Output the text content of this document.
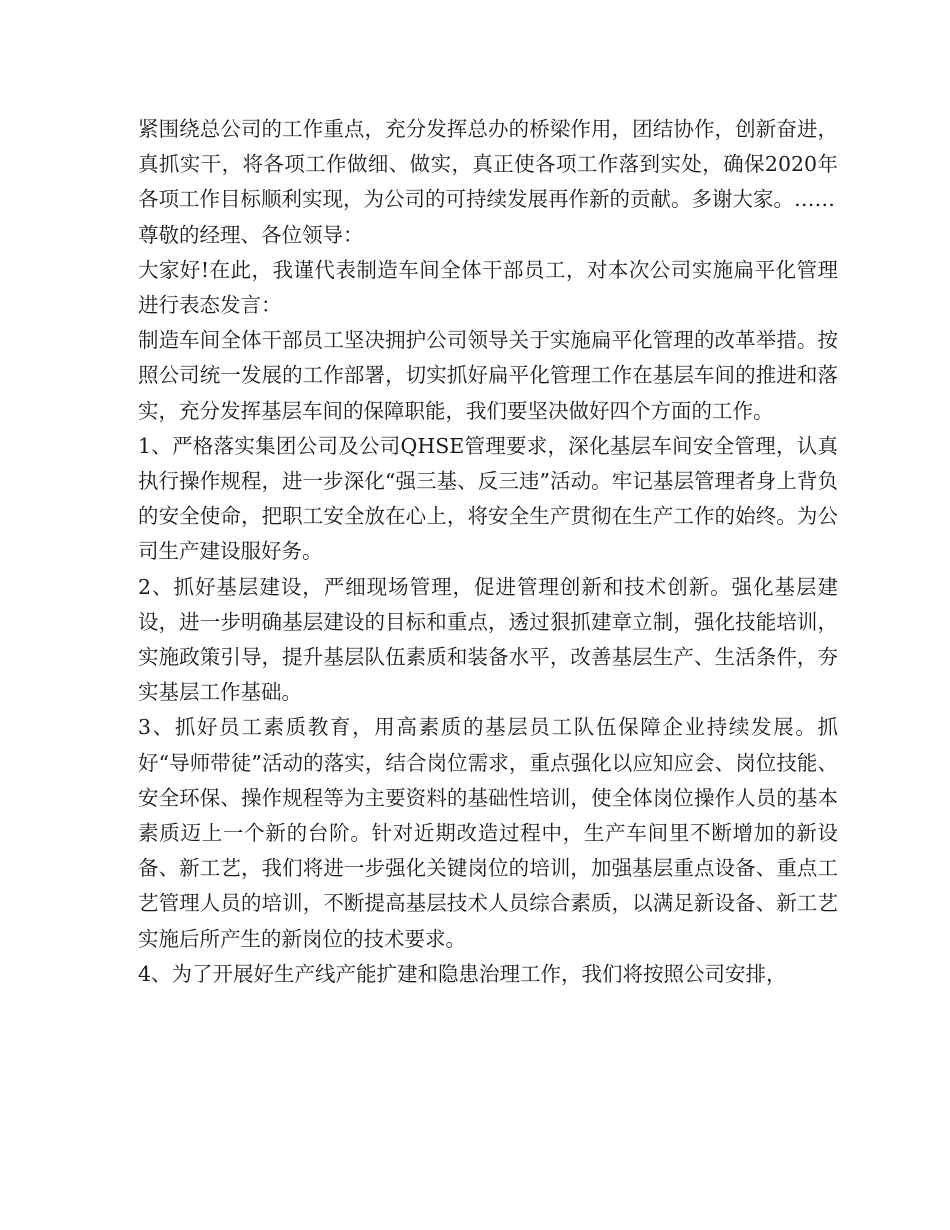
紧围绕总公司的工作重点，充分发挥总办的桥梁作用，团结协作，创新奋进，真抓实干，将各项工作做细、做实，真正使各项工作落到实处，确保2020年各项工作目标顺利实现，为公司的可持续发展再作新的贡献。多谢大家。……

尊敬的经理、各位领导：

大家好!在此，我谨代表制造车间全体干部员工，对本次公司实施扁平化管理进行表态发言：

制造车间全体干部员工坚决拥护公司领导关于实施扁平化管理的改革举措。按照公司统一发展的工作部署，切实抓好扁平化管理工作在基层车间的推进和落实，充分发挥基层车间的保障职能，我们要坚决做好四个方面的工作。

1、严格落实集团公司及公司QHSE管理要求，深化基层车间安全管理，认真执行操作规程，进一步深化“强三基、反三违”活动。牢记基层管理者身上背负的安全使命，把职工安全放在心上，将安全生产贯彻在生产工作的始终。为公司生产建设服好务。

2、抓好基层建设，严细现场管理，促进管理创新和技术创新。强化基层建设，进一步明确基层建设的目标和重点，透过狠抓建章立制，强化技能培训，实施政策引导，提升基层队伍素质和装备水平，改善基层生产、生活条件，夯实基层工作基础。

3、抓好员工素质教育，用高素质的基层员工队伍保障企业持续发展。抓好“导师带徒”活动的落实，结合岗位需求，重点强化以应知应会、岗位技能、安全环保、操作规程等为主要资料的基础性培训，使全体岗位操作人员的基本素质迈上一个新的台阶。针对近期改造过程中，生产车间里不断增加的新设备、新工艺，我们将进一步强化关键岗位的培训，加强基层重点设备、重点工艺管理人员的培训，不断提高基层技术人员综合素质，以满足新设备、新工艺实施后所产生的新岗位的技术要求。

4、为了开展好生产线产能扩建和隐患治理工作，我们将按照公司安排，
